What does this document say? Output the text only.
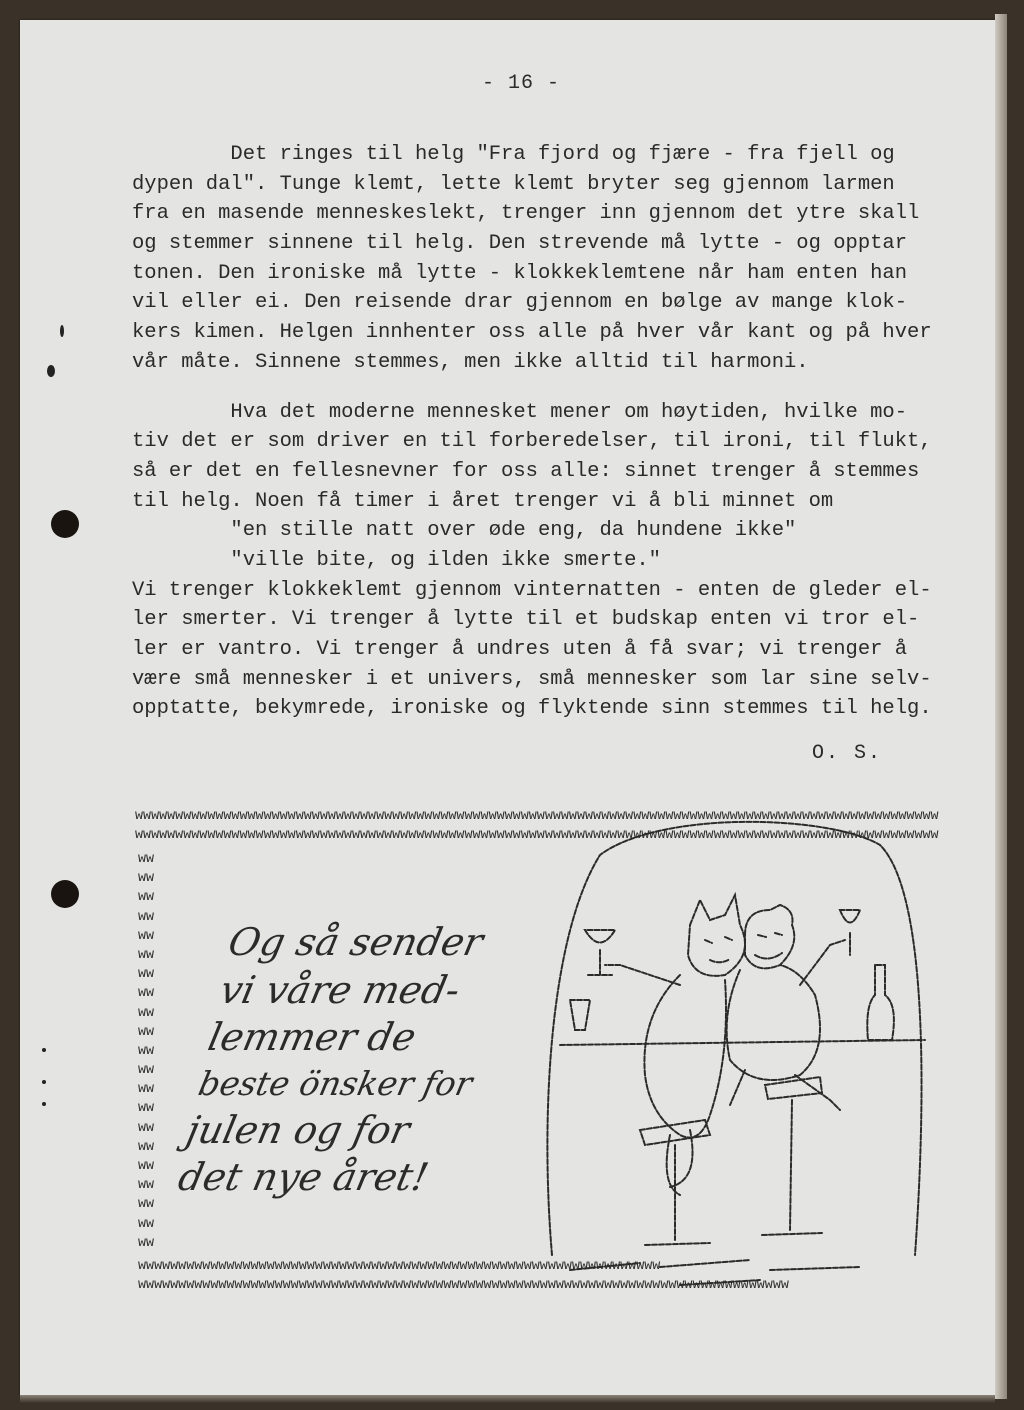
- 16 -
Det ringes til helg "Fra fjord og fjære - fra fjell og
dypen dal". Tunge klemt, lette klemt bryter seg gjennom larmen
fra en masende menneskeslekt, trenger inn gjennom det ytre skall
og stemmer sinnene til helg. Den strevende må lytte - og opptar
tonen. Den ironiske må lytte - klokkeklemtene når ham enten han
vil eller ei. Den reisende drar gjennom en bølge av mange klok-
kers kimen. Helgen innhenter oss alle på hver vår kant og på hver
vår måte. Sinnene stemmes, men ikke alltid til harmoni.
Hva det moderne mennesket mener om høytiden, hvilke mo-
tiv det er som driver en til forberedelser, til ironi, til flukt,
så er det en fellesnevner for oss alle: sinnet trenger å stemmes
til helg. Noen få timer i året trenger vi å bli minnet om
"en stille natt over øde eng, da hundene ikke"
"ville bite, og ilden ikke smerte."
Vi trenger klokkeklemt gjennom vinternatten - enten de gleder el-
ler smerter. Vi trenger å lytte til et budskap enten vi tror el-
ler er vantro. Vi trenger å undres uten å få svar; vi trenger å
være små mennesker i et univers, små mennesker som lar sine selv-
opptatte, bekymrede, ironiske og flyktende sinn stemmes til helg.
O. S.
wwwwwwwwwwwwwwwwwwwwwwwwwwwwwwwwwwwwwwwwwwwwwwwwwwwwwwwwwwwwwwwwwwwwwwwwwwwwwwwwwwwwwwwwwwwwwwwwwwww
wwwwwwwwwwwwwwwwwwwwwwwwwwwwwwwwwwwwwwwwwwwwwwwwwwwwwwwwwwwwwwwwwwwwwwwwwwwwwwwwwwwwwwwwwwwwwwwwwwww
ww
ww
ww
ww
ww
ww
ww
ww
ww
ww
ww
ww
ww
ww
ww
ww
ww
ww
ww
ww
ww
wwwwwwwwwwwwwwwwwwwwwwwwwwwwwwwwwwwwwwwwwwwwwwwwwwwwwwwwwwwwwwwww
wwwwwwwwwwwwwwwwwwwwwwwwwwwwwwwwwwwwwwwwwwwwwwwwwwwwwwwwwwwwwwwwwwwwwwwwwwwwwwwww
Og så sender
vi våre med-
lemmer de
beste önsker for
julen og for
det nye året!
